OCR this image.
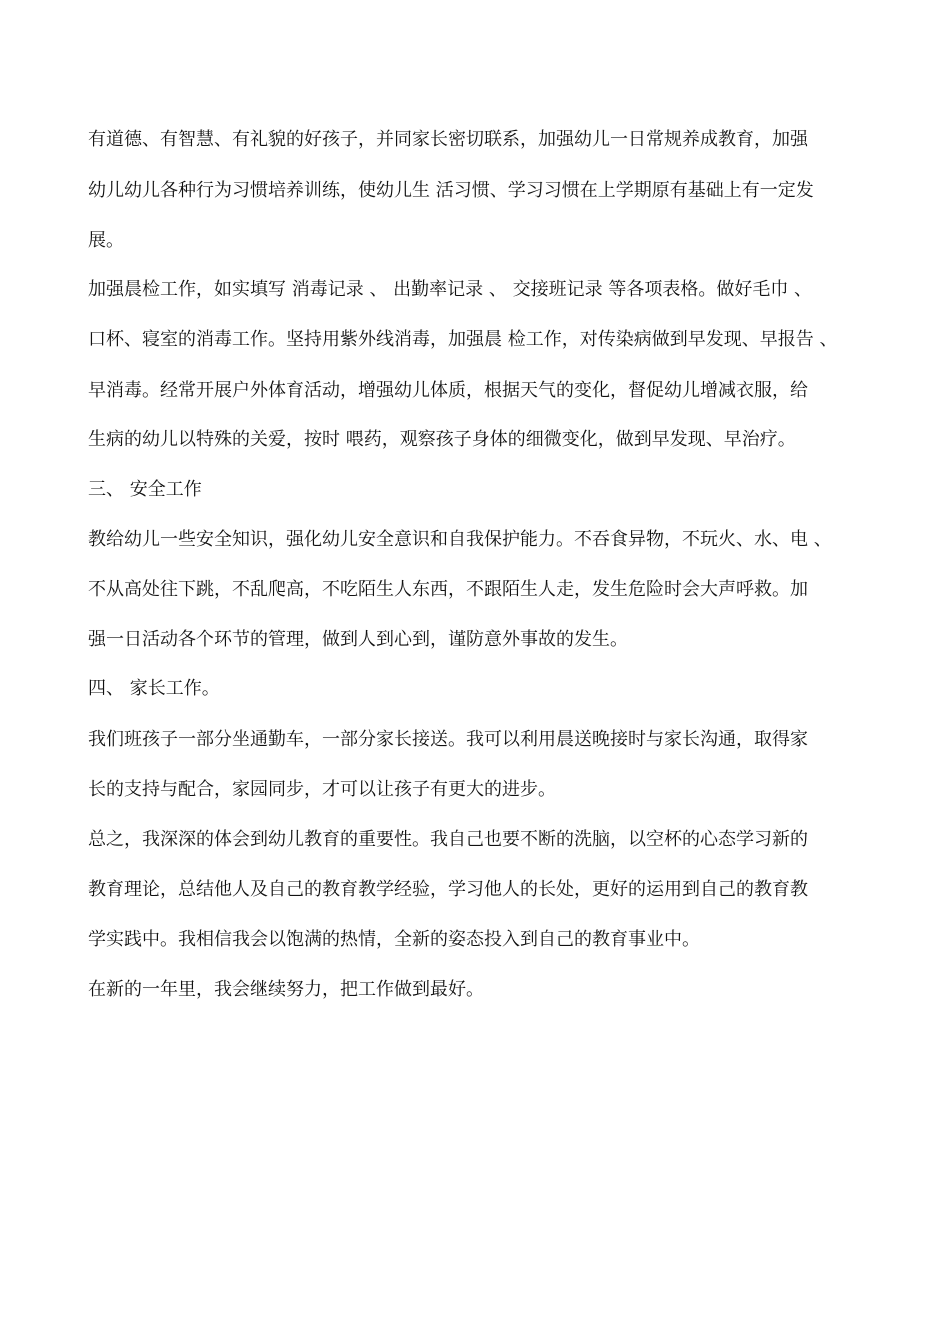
有道德、有智慧、有礼貌的好孩子，并同家长密切联系，加强幼儿一日常规养成教育，加强
幼儿幼儿各种行为习惯培养训练，使幼儿生 活习惯、学习习惯在上学期原有基础上有一定发
展。
加强晨检工作，如实填写 消毒记录 、 出勤率记录 、 交接班记录 等各项表格。做好毛巾 、
口杯、寝室的消毒工作。坚持用紫外线消毒，加强晨 检工作，对传染病做到早发现、早报告 、
早消毒。经常开展户外体育活动，增强幼儿体质，根据天气的变化，督促幼儿增减衣服，给
生病的幼儿以特殊的关爱，按时 喂药，观察孩子身体的细微变化，做到早发现、早治疗。
三、 安全工作
教给幼儿一些安全知识，强化幼儿安全意识和自我保护能力。不吞食异物，不玩火、水、电 、
不从高处往下跳，不乱爬高，不吃陌生人东西，不跟陌生人走，发生危险时会大声呼救。加
强一日活动各个环节的管理，做到人到心到，谨防意外事故的发生。
四、 家长工作。
我们班孩子一部分坐通勤车，一部分家长接送。我可以利用晨送晚接时与家长沟通，取得家
长的支持与配合，家园同步，才可以让孩子有更大的进步。
总之，我深深的体会到幼儿教育的重要性。我自己也要不断的洗脑，以空杯的心态学习新的
教育理论，总结他人及自己的教育教学经验，学习他人的长处，更好的运用到自己的教育教
学实践中。我相信我会以饱满的热情，全新的姿态投入到自己的教育事业中。
在新的一年里，我会继续努力，把工作做到最好。
